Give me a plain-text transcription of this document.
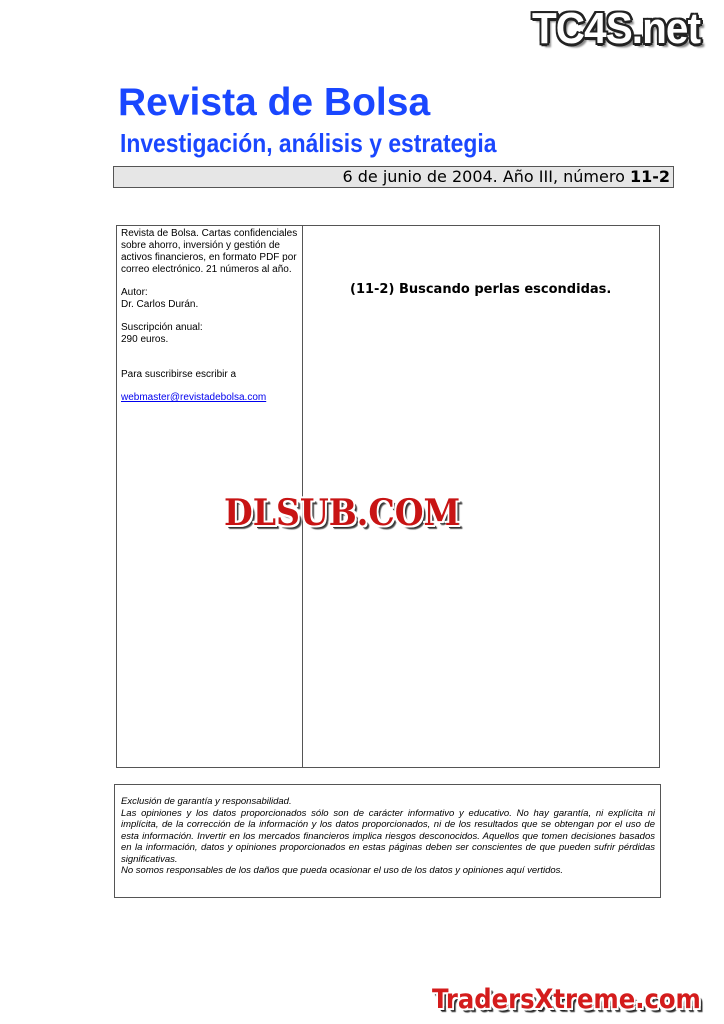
TC4S.net
Revista de Bolsa
Investigación, análisis y estrategia
6 de junio de 2004. Año III, número 11-2

Revista de Bolsa. Cartas confidenciales sobre ahorro, inversión y gestión de activos financieros, en formato PDF por correo electrónico. 21 números al año.

Autor:

Dr. Carlos Durán.

Suscripción anual:

290 euros.

Para suscribirse escribir a

webmaster@revistadebolsa.com
(11-2) Buscando perlas escondidas.
DLSUB.COM

Exclusión de garantía y responsabilidad.

Las opiniones y los datos proporcionados sólo son de carácter informativo y educativo. No hay garantía, ni explícita ni implícita, de la corrección de la información y los datos proporcionados, ni de los resultados que se obtengan por el uso de esta información. Invertir en los mercados financieros implica riesgos desconocidos. Aquellos que tomen decisiones basados en la información, datos y opiniones proporcionados en estas páginas deben ser conscientes de que pueden sufrir pérdidas significativas.

No somos responsables de los daños que pueda ocasionar el uso de los datos y opiniones aquí vertidos.

TradersXtreme.com
